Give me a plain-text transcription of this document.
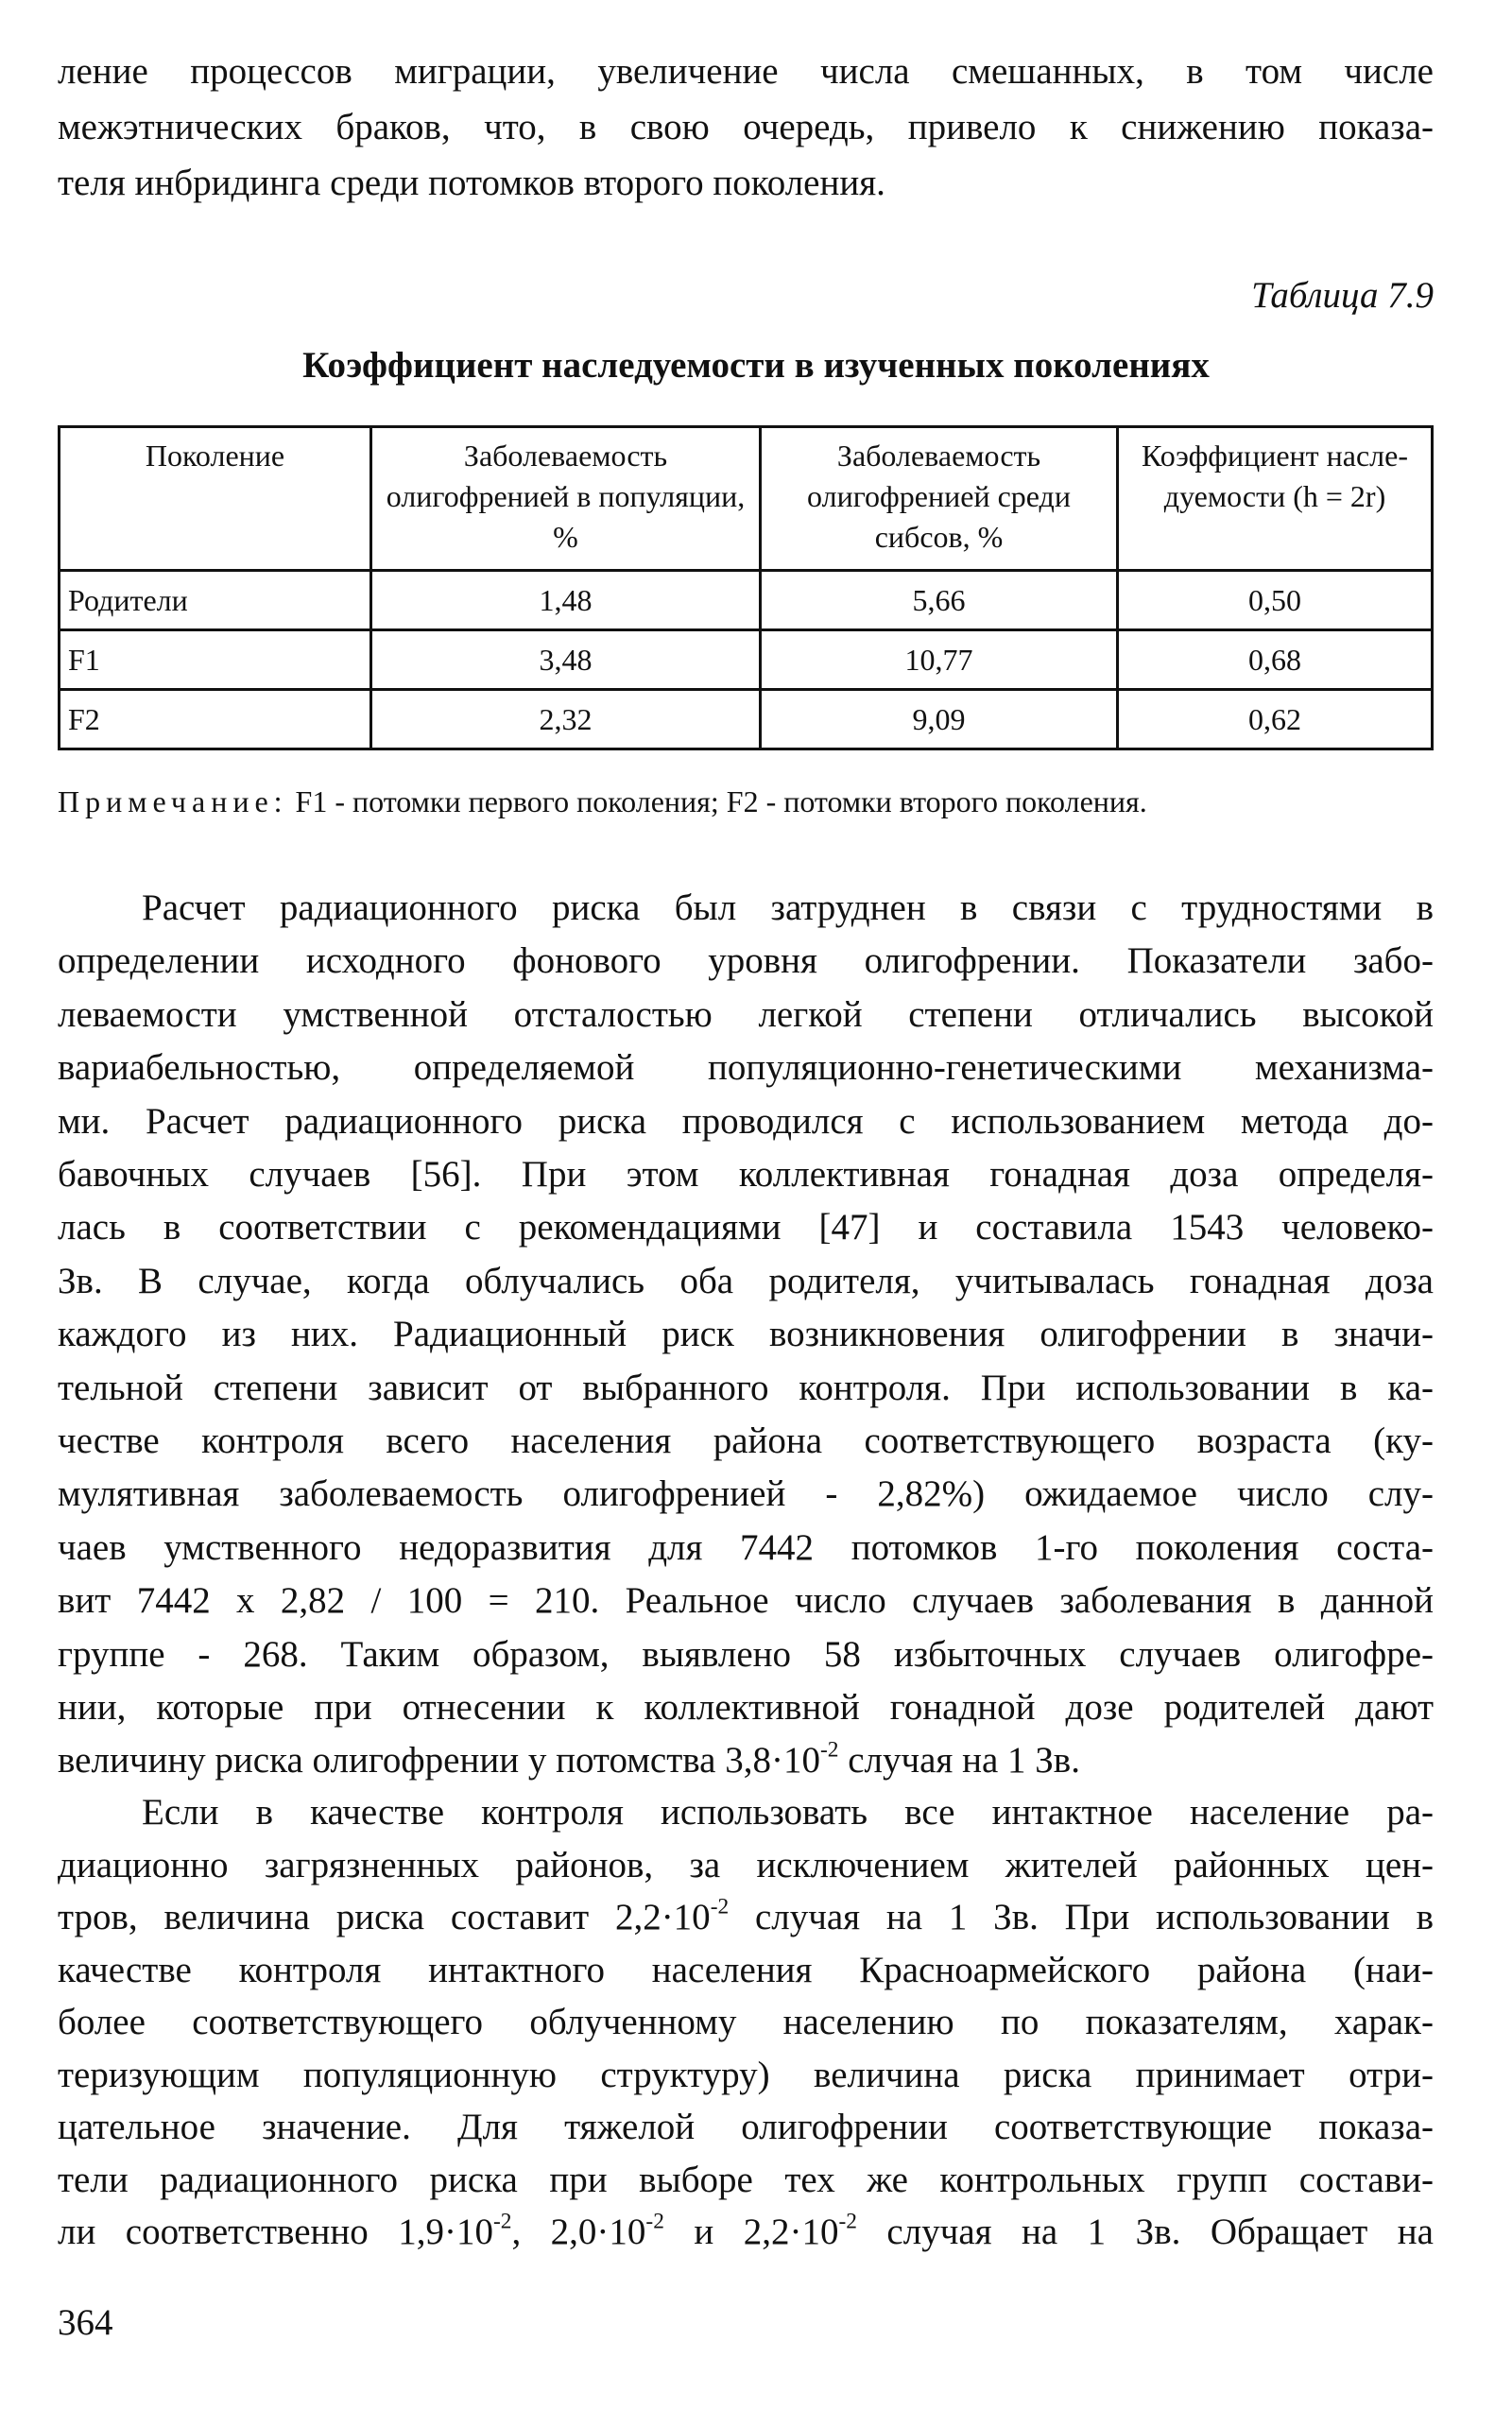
ление процессов миграции, увеличение числа смешанных, в том числе
межэтнических браков, что, в свою очередь, привело к снижению показа-
теля инбридинга среди потомков второго поколения.
Таблица 7.9
Коэффициент наследуемости в изученных поколениях
Поколение	Заболеваемость олигофренией в популяции, %	Заболеваемость олигофренией среди сибсов, %	Коэффициент насле-дуемости (h = 2r)
Родители	1,48	5,66	0,50
F1	3,48	10,77	0,68
F2	2,32	9,09	0,62
Примечание: F1 - потомки первого поколения; F2 - потомки второго поколения.
Расчет радиационного риска был затруднен в связи с трудностями в
определении исходного фонового уровня олигофрении. Показатели забо-
леваемости умственной отсталостью легкой степени отличались высокой
вариабельностью, определяемой популяционно-генетическими механизма-
ми. Расчет радиационного риска проводился с использованием метода до-
бавочных случаев [56]. При этом коллективная гонадная доза определя-
лась в соответствии с рекомендациями [47] и составила 1543 человеко-
Зв. В случае, когда облучались оба родителя, учитывалась гонадная доза
каждого из них. Радиационный риск возникновения олигофрении в значи-
тельной степени зависит от выбранного контроля. При использовании в ка-
честве контроля всего населения района соответствующего возраста (ку-
мулятивная заболеваемость олигофренией - 2,82%) ожидаемое число слу-
чаев умственного недоразвития для 7442 потомков 1-го поколения соста-
вит 7442 х 2,82 / 100 = 210. Реальное число случаев заболевания в данной
группе - 268. Таким образом, выявлено 58 избыточных случаев олигофре-
нии, которые при отнесении к коллективной гонадной дозе родителей дают
величину риска олигофрении у потомства $3,8\cdot 10^{-2}$ случая на 1 Зв.
Если в качестве контроля использовать все интактное население ра-
диационно загрязненных районов, за исключением жителей районных цен-
тров, величина риска составит $2,2\cdot 10^{-2}$ случая на 1 Зв. При использовании в
качестве контроля интактного населения Красноармейского района (наи-
более соответствующего облученному населению по показателям, харак-
теризующим популяционную структуру) величина риска принимает отри-
цательное значение. Для тяжелой олигофрении соответствующие показа-
тели радиационного риска при выборе тех же контрольных групп состави-
ли соответственно $1,9\cdot 10^{-2}$, $2,0\cdot 10^{-2}$ и $2,2\cdot 10^{-2}$ случая на 1 Зв. Обращает на
364
